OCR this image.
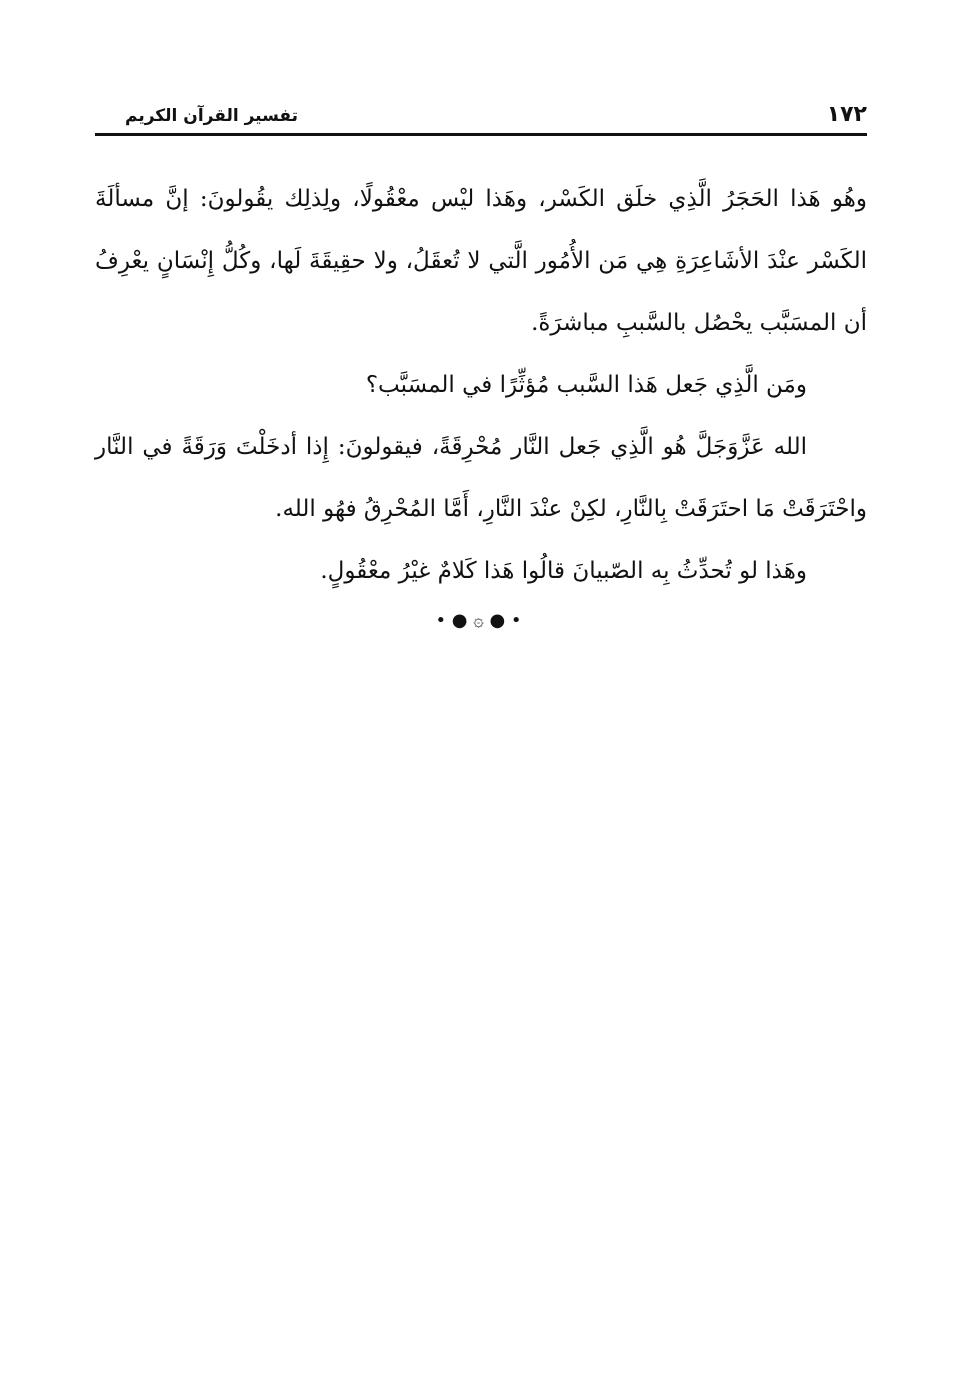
١٧٢
تفسير القرآن الكريم

وهُو هَذا الحَجَرُ الَّذِي خلَق الكَسْر، وهَذا ليْس معْقُولًا، ولِذلِك يقُولونَ: إنَّ مسألَةَ الكَسْر عنْدَ الأشَاعِرَةِ هِي مَن الأُمُور الَّتي لا تُعقَلُ، ولا حقِيقَةَ لَها، وكُلُّ إِنْسَانٍ يعْرِفُ أن المسَبَّب يحْصُل بالسَّببِ مباشرَةً.

ومَن الَّذِي جَعل هَذا السَّبب مُؤثِّرًا في المسَبَّب؟

الله عَزَّوَجَلَّ هُو الَّذِي جَعل النَّار مُحْرِقَةً، فيقولونَ: إِذا أدخَلْتَ وَرَقَةً في النَّار واحْتَرَقَتْ مَا احتَرَقَتْ بِالنَّارِ، لكِنْ عنْدَ النَّارِ، أَمَّا المُحْرِقُ فهُو الله.

وهَذا لو تُحدِّثُ بِه الصّبيانَ قالُوا هَذا كَلامٌ غيْرُ معْقُولٍ.

• ● ۞ ● •
